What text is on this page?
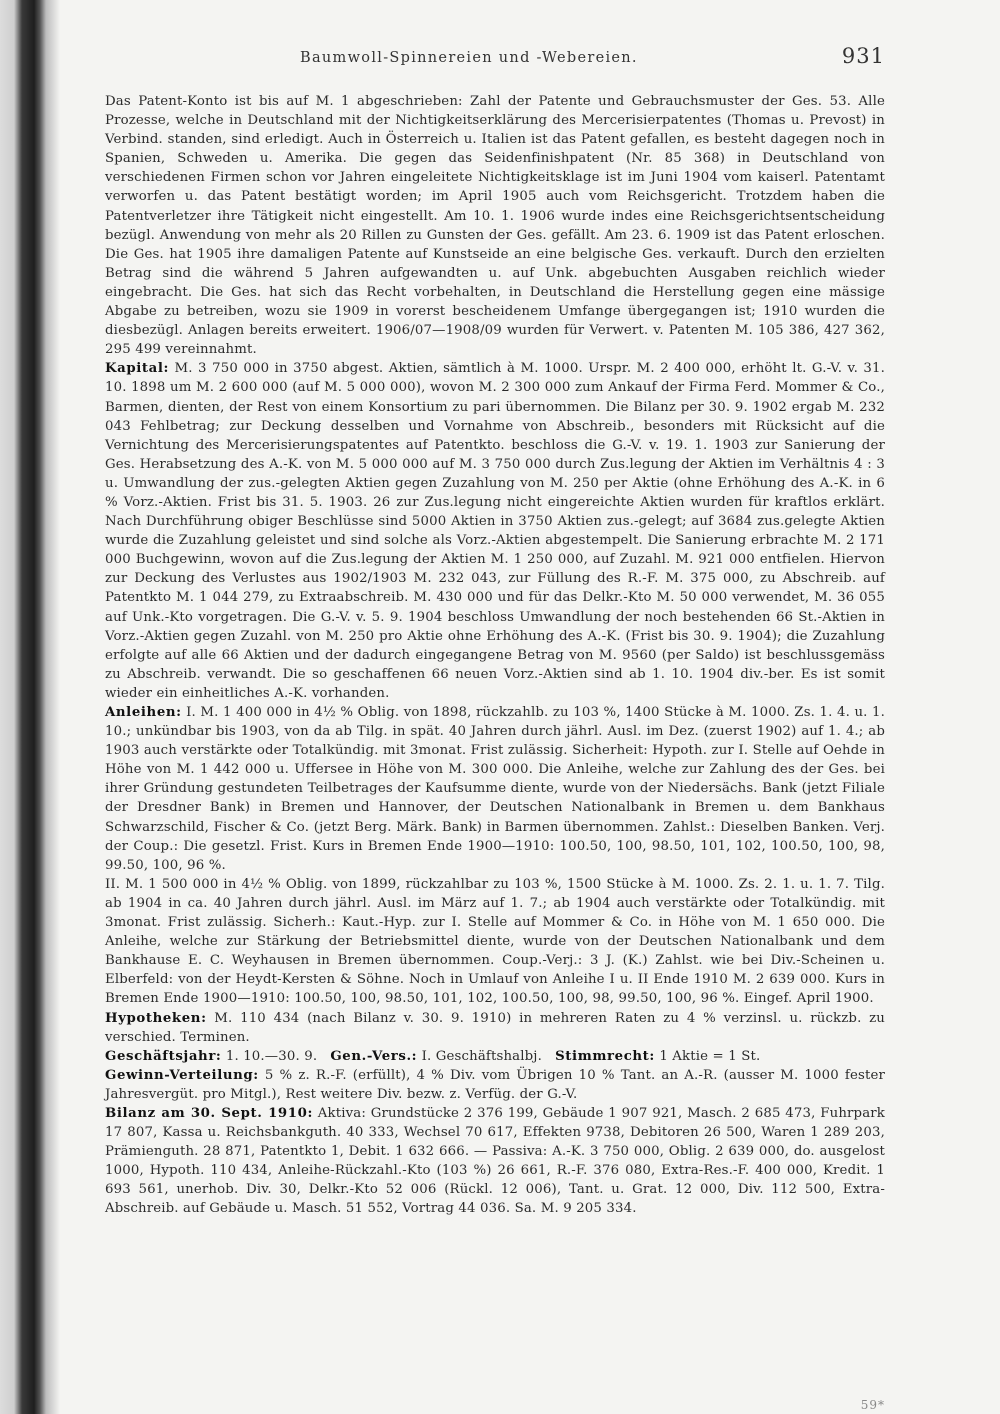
Baumwoll-Spinnereien und -Webereien.	931

Das Patent-Konto ist bis auf M. 1 abgeschrieben: Zahl der Patente und Gebrauchsmuster der Ges. 53. Alle Prozesse, welche in Deutschland mit der Nichtigkeitserklärung des Mercerisierpatentes (Thomas u. Prevost) in Verbind. standen, sind erledigt. Auch in Österreich u. Italien ist das Patent gefallen, es besteht dagegen noch in Spanien, Schweden u. Amerika. Die gegen das Seidenfinishpatent (Nr. 85 368) in Deutschland von verschiedenen Firmen schon vor Jahren eingeleitete Nichtigkeitsklage ist im Juni 1904 vom kaiserl. Patentamt verworfen u. das Patent bestätigt worden; im April 1905 auch vom Reichsgericht. Trotzdem haben die Patentverletzer ihre Tätigkeit nicht eingestellt. Am 10. 1. 1906 wurde indes eine Reichsgerichtsentscheidung bezügl. Anwendung von mehr als 20 Rillen zu Gunsten der Ges. gefällt. Am 23. 6. 1909 ist das Patent erloschen. Die Ges. hat 1905 ihre damaligen Patente auf Kunstseide an eine belgische Ges. verkauft. Durch den erzielten Betrag sind die während 5 Jahren aufgewandten u. auf Unk. abgebuchten Ausgaben reichlich wieder eingebracht. Die Ges. hat sich das Recht vorbehalten, in Deutschland die Herstellung gegen eine mässige Abgabe zu betreiben, wozu sie 1909 in vorerst bescheidenem Umfange übergegangen ist; 1910 wurden die diesbezügl. Anlagen bereits erweitert. 1906/07—1908/09 wurden für Verwert. v. Patenten M. 105 386, 427 362, 295 499 vereinnahmt.

Kapital: M. 3 750 000 in 3750 abgest. Aktien, sämtlich à M. 1000. Urspr. M. 2 400 000, erhöht lt. G.-V. v. 31. 10. 1898 um M. 2 600 000 (auf M. 5 000 000), wovon M. 2 300 000 zum Ankauf der Firma Ferd. Mommer & Co., Barmen, dienten, der Rest von einem Konsortium zu pari übernommen. Die Bilanz per 30. 9. 1902 ergab M. 232 043 Fehlbetrag; zur Deckung desselben und Vornahme von Abschreib., besonders mit Rücksicht auf die Vernichtung des Mercerisierungspatentes auf Patentkto. beschloss die G.-V. v. 19. 1. 1903 zur Sanierung der Ges. Herabsetzung des A.-K. von M. 5 000 000 auf M. 3 750 000 durch Zus.legung der Aktien im Verhältnis 4 : 3 u. Umwandlung der zus.-gelegten Aktien gegen Zuzahlung von M. 250 per Aktie (ohne Erhöhung des A.-K. in 6 % Vorz.-Aktien. Frist bis 31. 5. 1903. 26 zur Zus.legung nicht eingereichte Aktien wurden für kraftlos erklärt. Nach Durchführung obiger Beschlüsse sind 5000 Aktien in 3750 Aktien zus.-gelegt; auf 3684 zus.gelegte Aktien wurde die Zuzahlung geleistet und sind solche als Vorz.-Aktien abgestempelt. Die Sanierung erbrachte M. 2 171 000 Buchgewinn, wovon auf die Zus.legung der Aktien M. 1 250 000, auf Zuzahl. M. 921 000 entfielen. Hiervon zur Deckung des Verlustes aus 1902/1903 M. 232 043, zur Füllung des R.-F. M. 375 000, zu Abschreib. auf Patentkto M. 1 044 279, zu Extraabschreib. M. 430 000 und für das Delkr.-Kto M. 50 000 verwendet, M. 36 055 auf Unk.-Kto vorgetragen. Die G.-V. v. 5. 9. 1904 beschloss Umwandlung der noch bestehenden 66 St.-Aktien in Vorz.-Aktien gegen Zuzahl. von M. 250 pro Aktie ohne Erhöhung des A.-K. (Frist bis 30. 9. 1904); die Zuzahlung erfolgte auf alle 66 Aktien und der dadurch eingegangene Betrag von M. 9560 (per Saldo) ist beschlussgemäss zu Abschreib. verwandt. Die so geschaffenen 66 neuen Vorz.-Aktien sind ab 1. 10. 1904 div.-ber. Es ist somit wieder ein einheitliches A.-K. vorhanden.

Anleihen: I. M. 1 400 000 in 4½ % Oblig. von 1898, rückzahlb. zu 103 %, 1400 Stücke à M. 1000. Zs. 1. 4. u. 1. 10.; unkündbar bis 1903, von da ab Tilg. in spät. 40 Jahren durch jährl. Ausl. im Dez. (zuerst 1902) auf 1. 4.; ab 1903 auch verstärkte oder Totalkündig. mit 3monat. Frist zulässig. Sicherheit: Hypoth. zur I. Stelle auf Oehde in Höhe von M. 1 442 000 u. Uffersee in Höhe von M. 300 000. Die Anleihe, welche zur Zahlung des der Ges. bei ihrer Gründung gestundeten Teilbetrages der Kaufsumme diente, wurde von der Niedersächs. Bank (jetzt Filiale der Dresdner Bank) in Bremen und Hannover, der Deutschen Nationalbank in Bremen u. dem Bankhaus Schwarzschild, Fischer & Co. (jetzt Berg. Märk. Bank) in Barmen übernommen. Zahlst.: Dieselben Banken. Verj. der Coup.: Die gesetzl. Frist. Kurs in Bremen Ende 1900—1910: 100.50, 100, 98.50, 101, 102, 100.50, 100, 98, 99.50, 100, 96 %.

II. M. 1 500 000 in 4½ % Oblig. von 1899, rückzahlbar zu 103 %, 1500 Stücke à M. 1000. Zs. 2. 1. u. 1. 7. Tilg. ab 1904 in ca. 40 Jahren durch jährl. Ausl. im März auf 1. 7.; ab 1904 auch verstärkte oder Totalkündig. mit 3monat. Frist zulässig. Sicherh.: Kaut.-Hyp. zur I. Stelle auf Mommer & Co. in Höhe von M. 1 650 000. Die Anleihe, welche zur Stärkung der Betriebsmittel diente, wurde von der Deutschen Nationalbank und dem Bankhause E. C. Weyhausen in Bremen übernommen. Coup.-Verj.: 3 J. (K.) Zahlst. wie bei Div.-Scheinen u. Elberfeld: von der Heydt-Kersten & Söhne. Noch in Umlauf von Anleihe I u. II Ende 1910 M. 2 639 000. Kurs in Bremen Ende 1900—1910: 100.50, 100, 98.50, 101, 102, 100.50, 100, 98, 99.50, 100, 96 %. Eingef. April 1900.

Hypotheken: M. 110 434 (nach Bilanz v. 30. 9. 1910) in mehreren Raten zu 4 % verzinsl. u. rückzb. zu verschied. Terminen.

Geschäftsjahr: 1. 10.—30. 9. Gen.-Vers.: I. Geschäftshalbj. Stimmrecht: 1 Aktie = 1 St.

Gewinn-Verteilung: 5 % z. R.-F. (erfüllt), 4 % Div. vom Übrigen 10 % Tant. an A.-R. (ausser M. 1000 fester Jahresvergüt. pro Mitgl.), Rest weitere Div. bezw. z. Verfüg. der G.-V.

Bilanz am 30. Sept. 1910: Aktiva: Grundstücke 2 376 199, Gebäude 1 907 921, Masch. 2 685 473, Fuhrpark 17 807, Kassa u. Reichsbankguth. 40 333, Wechsel 70 617, Effekten 9738, Debitoren 26 500, Waren 1 289 203, Prämienguth. 28 871, Patentkto 1, Debit. 1 632 666. — Passiva: A.-K. 3 750 000, Oblig. 2 639 000, do. ausgelost 1000, Hypoth. 110 434, Anleihe-Rückzahl.-Kto (103 %) 26 661, R.-F. 376 080, Extra-Res.-F. 400 000, Kredit. 1 693 561, unerhob. Div. 30, Delkr.-Kto 52 006 (Rückl. 12 006), Tant. u. Grat. 12 000, Div. 112 500, Extra-Abschreib. auf Gebäude u. Masch. 51 552, Vortrag 44 036. Sa. M. 9 205 334.

59*
